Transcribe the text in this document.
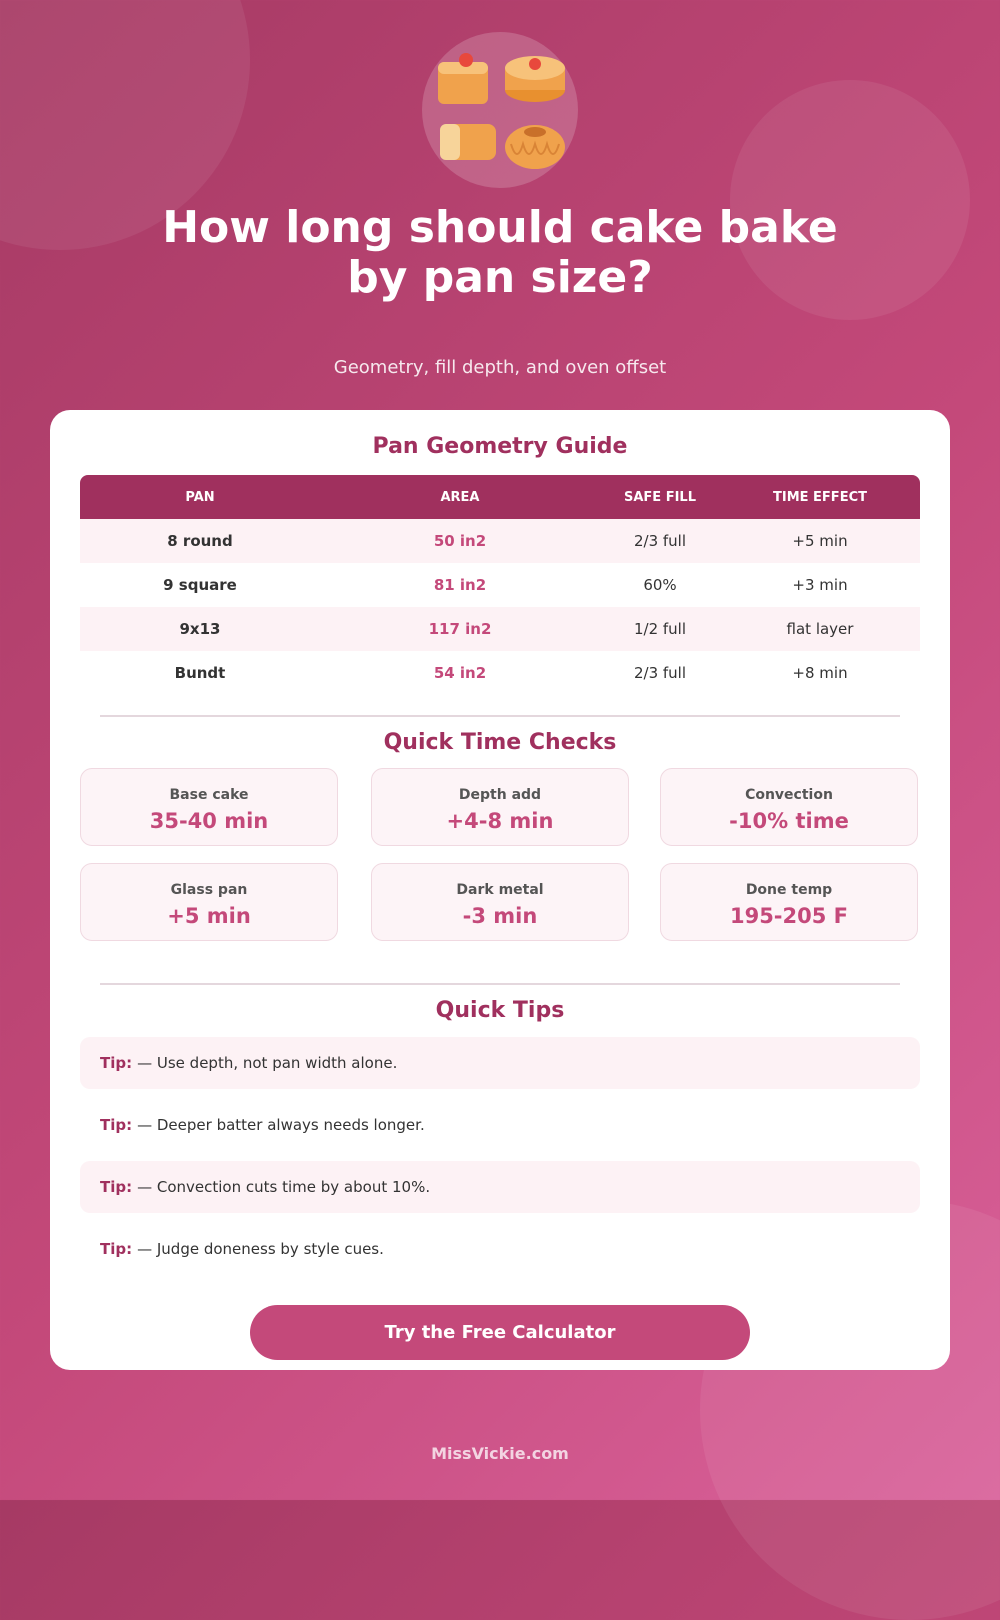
How long should cake bake
by pan size?
Geometry, fill depth, and oven offset
Pan Geometry Guide
PAN	AREA	SAFE FILL	TIME EFFECT
8 round	50 in2	2/3 full	+5 min
9 square	81 in2	60%	+3 min
9x13	117 in2	1/2 full	flat layer
Bundt	54 in2	2/3 full	+8 min
Quick Time Checks
Base cake
35-40 min
Depth add
+4-8 min
Convection
-10% time
Glass pan
+5 min
Dark metal
-3 min
Done temp
195-205 F
Quick Tips
Tip: — Use depth, not pan width alone.
Tip: — Deeper batter always needs longer.
Tip: — Convection cuts time by about 10%.
Tip: — Judge doneness by style cues.
Try the Free Calculator
MissVickie.com
